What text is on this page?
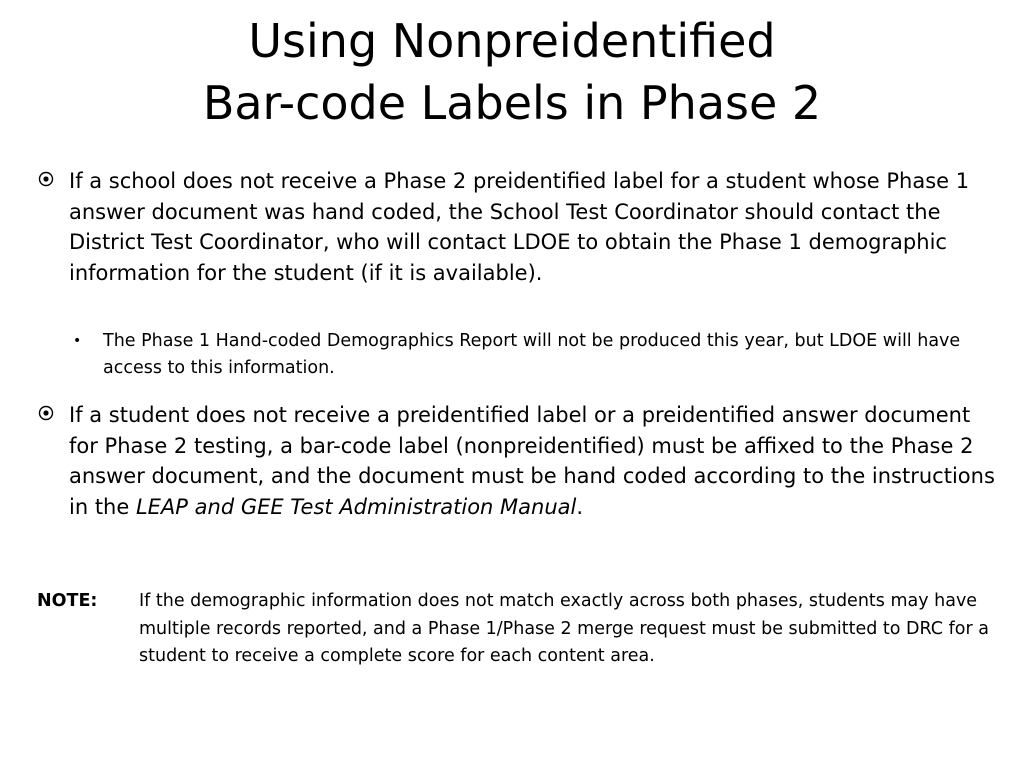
Using Nonpreidentified
Bar-code Labels in Phase 2
If a school does not receive a Phase 2 preidentified label for a student whose Phase 1 answer document was hand coded, the School Test Coordinator should contact the District Test Coordinator, who will contact LDOE to obtain the Phase 1 demographic information for the student (if it is available).
• The Phase 1 Hand-coded Demographics Report will not be produced this year, but LDOE will have access to this information.
If a student does not receive a preidentified label or a preidentified answer document for Phase 2 testing, a bar-code label (nonpreidentified) must be affixed to the Phase 2 answer document, and the document must be hand coded according to the instructions in the LEAP and GEE Test Administration Manual.
NOTE: If the demographic information does not match exactly across both phases, students may have multiple records reported, and a Phase 1/Phase 2 merge request must be submitted to DRC for a student to receive a complete score for each content area.
